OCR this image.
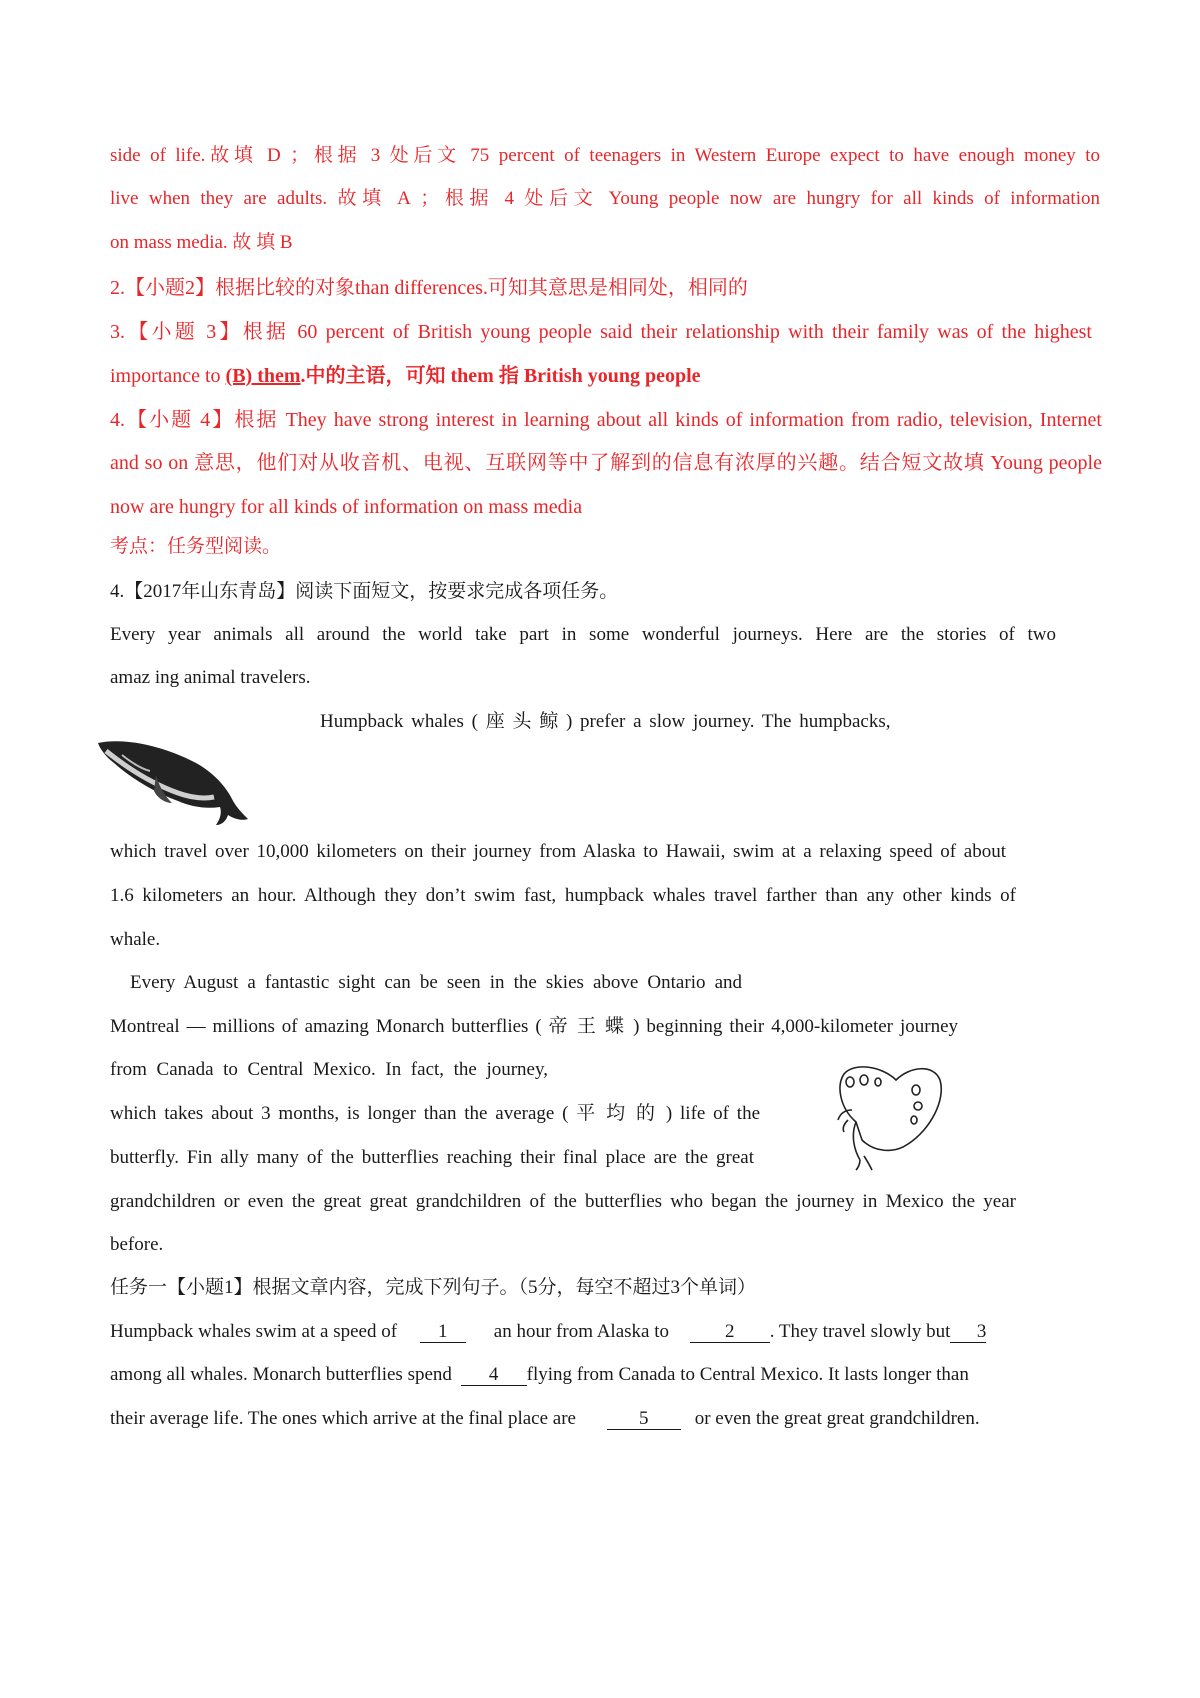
side of life.故填 D ；根据 3 处后文 75 percent of teenagers in Western Europe expect to have enough money to
live when they are adults. 故填 A ；根据 4 处后文 Young people now are hungry for all kinds of information
on mass media. 故 填 B
2.【小题2】根据比较的对象than differences.可知其意思是相同处，相同的
3.【小题 3】根据 60 percent of British young people said their relationship with their family was of the highest
importance to (B) them.中的主语，可知 them 指 British young people
4.【小题 4】根据 They have strong interest in learning about all kinds of information from radio, television, Internet
and so on 意思，他们对从收音机、电视、互联网等中了解到的信息有浓厚的兴趣。结合短文故填 Young people
now are hungry for all kinds of information on mass media
考点：任务型阅读。
4.【2017年山东青岛】阅读下面短文，按要求完成各项任务。
Every year animals all around the world take part in some wonderful journeys. Here are the stories of two
amaz ing animal travelers.
Humpback whales ( 座 头 鲸 ) prefer a slow journey. The humpbacks,
which travel over 10,000 kilometers on their journey from Alaska to Hawaii, swim at a relaxing speed of about
1.6 kilometers an hour. Although they don’t swim fast, humpback whales travel farther than any other kinds of
whale.
Every August a fantastic sight can be seen in the skies above Ontario and
Montreal — millions of amazing Monarch butterflies ( 帝 王 蝶 ) beginning their 4,000-kilometer journey
from Canada to Central Mexico. In fact, the journey,
which takes about 3 months, is longer than the average ( 平 均 的 ) life of the
butterfly. Fin ally many of the butterflies reaching their final place are the great
grandchildren or even the great great grandchildren of the butterflies who began the journey in Mexico the year
before.
任务一【小题1】根据文章内容，完成下列句子。（5分，每空不超过3个单词）
Humpback whales swim at a speed of 1 an hour from Alaska to	2 . They travel slowly but 3
among all whales. Monarch butterflies spend 4 flying from Canada to Central Mexico. It lasts longer than
their average life. The ones which arrive at the final place are	5 or even the great great grandchildren.
